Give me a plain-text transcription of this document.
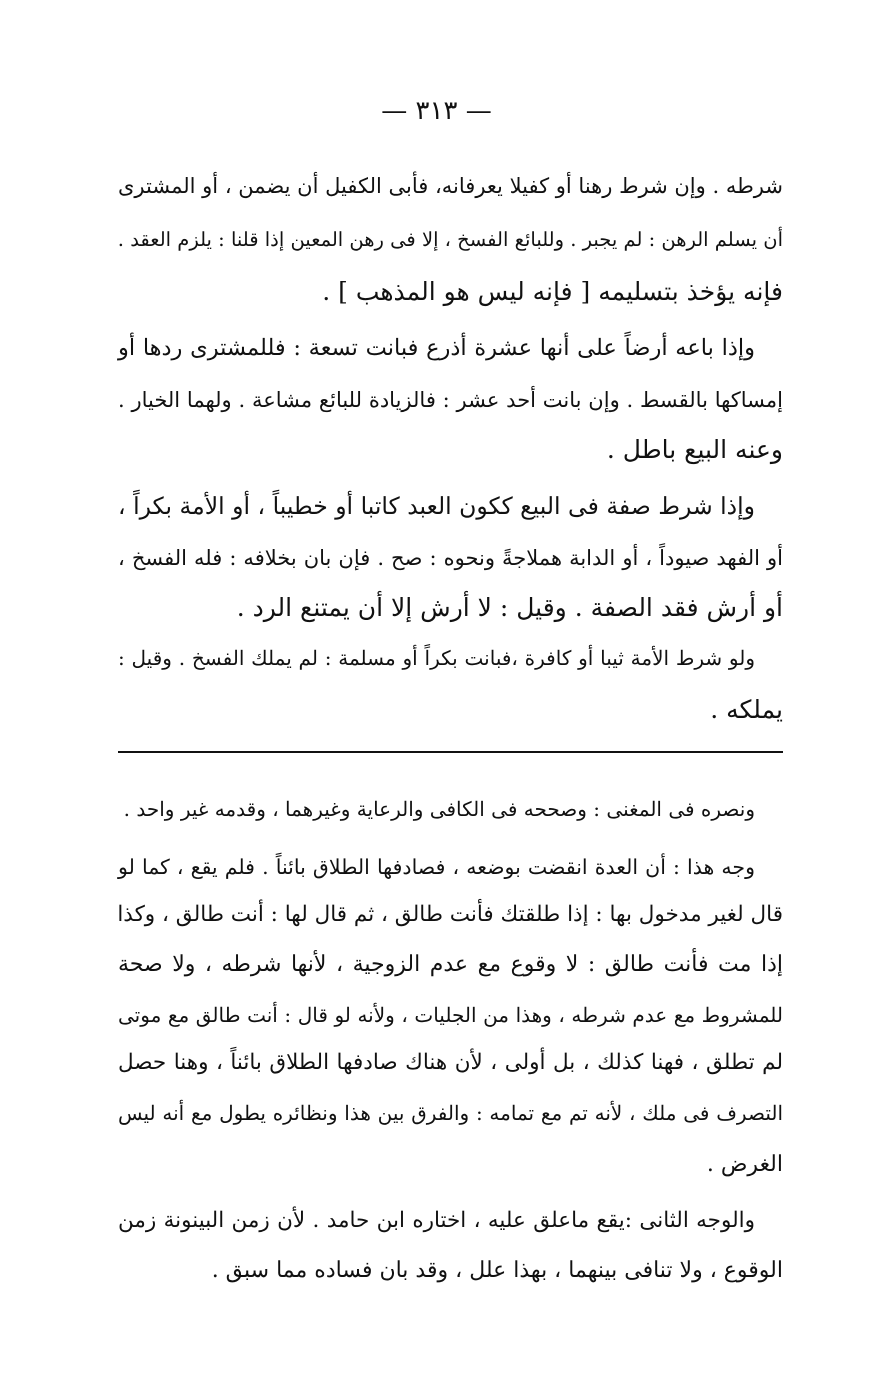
— ٣١٣ —
شرطه . وإن شرط رهنا أو كفيلا يعرفانه، فأبى الكفيل أن يضمن ، أو المشترى
أن يسلم الرهن : لم يجبر . وللبائع الفسخ ، إلا فى رهن المعين إذا قلنا : يلزم العقد .
فإنه يؤخذ بتسليمه [ فإنه ليس هو المذهب ] .
وإذا باعه أرضاً على أنها عشرة أذرع فبانت تسعة : فللمشترى ردها أو
إمساكها بالقسط . وإن بانت أحد عشر : فالزيادة للبائع مشاعة . ولهما الخيار .
وعنه البيع باطل .
وإذا شرط صفة فى البيع ككون العبد كاتبا أو خطيباً ، أو الأمة بكراً ،
أو الفهد صيوداً ، أو الدابة هملاجةً ونحوه : صح . فإن بان بخلافه : فله الفسخ ،
أو أرش فقد الصفة . وقيل : لا أرش إلا أن يمتنع الرد .
ولو شرط الأمة ثيبا أو كافرة ،فبانت بكراً أو مسلمة : لم يملك الفسخ . وقيل :
يملكه .
ونصره فى المغنى : وصححه فى الكافى والرعاية وغيرهما ، وقدمه غير واحد .
وجه هذا : أن العدة انقضت بوضعه ، فصادفها الطلاق بائناً . فلم يقع ، كما لو
قال لغير مدخول بها : إذا طلقتك فأنت طالق ، ثم قال لها : أنت طالق ، وكذا
إذا مت فأنت طالق : لا وقوع مع عدم الزوجية ، لأنها شرطه ، ولا صحة
للمشروط مع عدم شرطه ، وهذا من الجليات ، ولأنه لو قال : أنت طالق مع موتى
لم تطلق ، فهنا كذلك ، بل أولى ، لأن هناك صادفها الطلاق بائناً ، وهنا حصل
التصرف فى ملك ، لأنه تم مع تمامه : والفرق بين هذا ونظائره يطول مع أنه ليس
الغرض .
والوجه الثانى :يقع ماعلق عليه ، اختاره ابن حامد . لأن زمن البينونة زمن
الوقوع ، ولا تنافى بينهما ، بهذا علل ، وقد بان فساده مما سبق .
